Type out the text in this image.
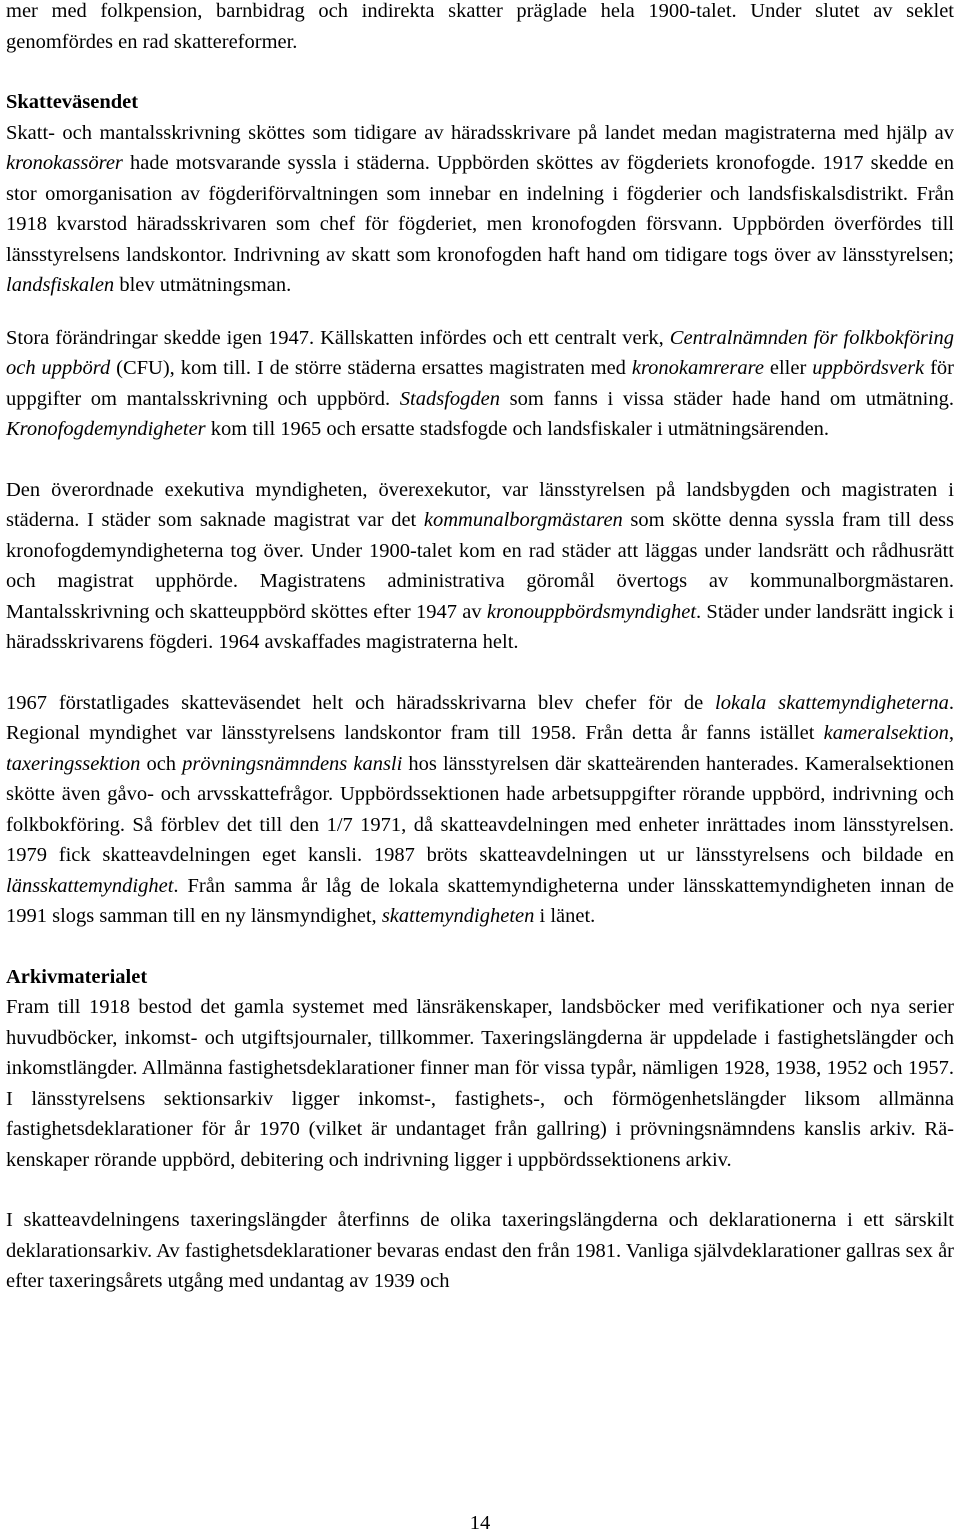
mer med folkpension, barnbidrag och indirekta skatter präglade hela 1900-talet. Under slutet av seklet genomfördes en rad skattereformer.

Skatteväsendet

Skatt- och mantalsskrivning sköttes som tidigare av häradsskrivare på landet medan magistraterna med hjälp av kronokassörer hade motsvarande syssla i städerna. Uppbörden sköttes av fögderiets kronofogde. 1917 skedde en stor omorganisation av fögderiförvaltningen som innebar en indelning i fögderier och landsfiskalsdistrikt. Från 1918 kvarstod häradsskrivaren som chef för fögderiet, men kronofogden försvann. Uppbörden överfördes till länsstyrelsens landskontor. Indrivning av skatt som kronofogden haft hand om tidigare togs över av länsstyrelsen; landsfiskalen blev utmätningsman.

Stora förändringar skedde igen 1947. Källskatten infördes och ett centralt verk, Centralnämnden för folkbokföring och uppbörd (CFU), kom till. I de större städerna ersattes magistraten med kronokamrerare eller uppbördsverk för uppgifter om mantalsskrivning och uppbörd. Stadsfogden som fanns i vissa städer hade hand om utmätning. Kronofogdemyndigheter kom till 1965 och ersatte stadsfogde och landsfiskaler i utmätningsärenden.

Den överordnade exekutiva myndigheten, överexekutor, var länsstyrelsen på landsbygden och magistraten i städerna. I städer som saknade magistrat var det kommunalborgmästaren som skötte denna syssla fram till dess kronofogdemyndigheterna tog över. Under 1900-talet kom en rad städer att läggas under landsrätt och rådhusrätt och magistrat upphörde. Magistratens administrativa göromål övertogs av kommunalborgmästaren. Mantalsskrivning och skatteuppbörd sköttes efter 1947 av kronouppbördsmyndighet. Städer under landsrätt ingick i häradsskrivarens fögderi. 1964 avskaffades magistraterna helt.

1967 förstatligades skatteväsendet helt och häradsskrivarna blev chefer för de lokala skattemyndigheterna. Regional myndighet var länsstyrelsens landskontor fram till 1958. Från detta år fanns istället kameralsektion, taxeringssektion och prövningsnämndens kansli hos länsstyrelsen där skatteärenden hanterades. Kameralsektionen skötte även gåvo- och arvsskattefrågor. Uppbördssektionen hade arbetsuppgifter rörande uppbörd, indrivning och folkbokföring. Så förblev det till den 1/7 1971, då skatteavdelningen med enheter inrättades inom länsstyrelsen. 1979 fick skatteavdelningen eget kansli. 1987 bröts skatteavdelningen ut ur länsstyrelsens och bildade en länsskattemyndighet. Från samma år låg de lokala skattemyndigheterna under länsskattemyndigheten innan de 1991 slogs samman till en ny länsmyndighet, skattemyndigheten i länet.

Arkivmaterialet

Fram till 1918 bestod det gamla systemet med länsräkenskaper, landsböcker med verifikationer och nya serier huvudböcker, inkomst- och utgiftsjournaler, tillkommer. Taxeringslängderna är uppdelade i fastighetslängder och inkomstlängder. Allmänna fastighetsdeklarationer finner man för vissa typår, nämligen 1928, 1938, 1952 och 1957. I länsstyrelsens sektionsarkiv ligger inkomst-, fastighets-, och förmögenhetslängder liksom allmänna fastighetsdeklarationer för år 1970 (vilket är undantaget från gallring) i prövningsnämndens kanslis arkiv. Räkenskaper rörande uppbörd, debitering och indrivning ligger i uppbördssektionens arkiv.

I skatteavdelningens taxeringslängder återfinns de olika taxeringslängderna och deklarationerna i ett särskilt deklarationsarkiv. Av fastighetsdeklarationer bevaras endast den från 1981. Vanliga självdeklarationer gallras sex år efter taxeringsårets utgång med undantag av 1939 och

14
